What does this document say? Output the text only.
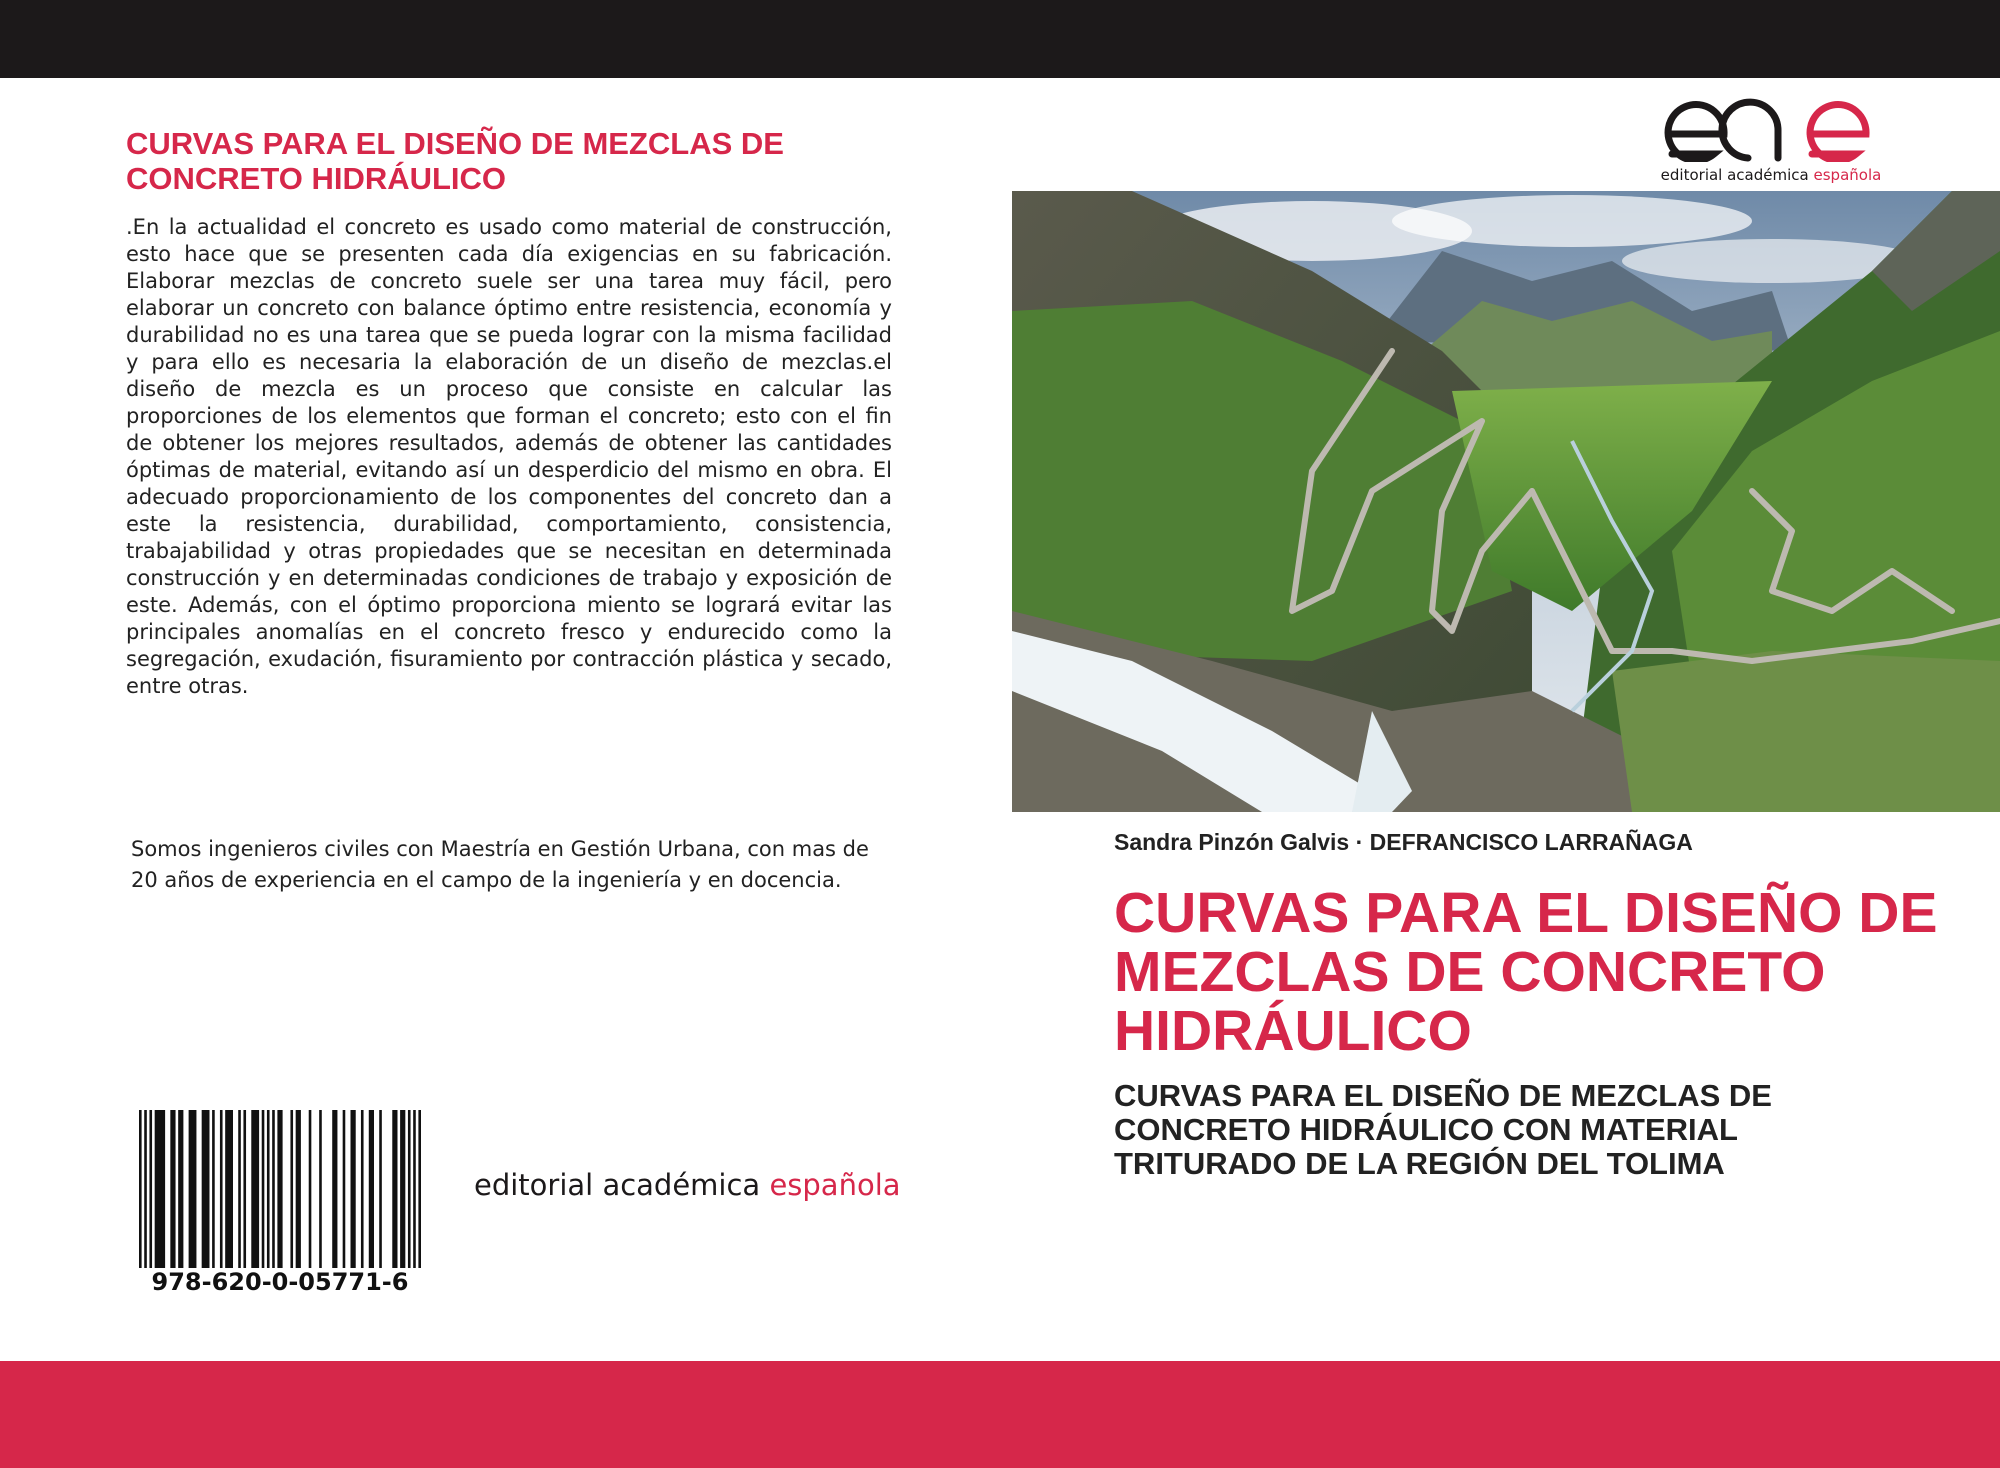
CURVAS PARA EL DISEÑO DE MEZCLAS DE CONCRETO HIDRÁULICO
.En la actualidad el concreto es usado como material de construcción, esto hace que se presenten cada día exigencias en su fabricación. Elaborar mezclas de concreto suele ser una tarea muy fácil, pero elaborar un concreto con balance óptimo entre resistencia, economía y durabilidad no es una tarea que se pueda lograr con la misma facilidad y para ello es necesaria la elaboración de un diseño de mezclas.el diseño de mezcla es un proceso que consiste en calcular las proporciones de los elementos que forman el concreto; esto con el fin de obtener los mejores resultados, además de obtener las cantidades óptimas de material, evitando así un desperdicio del mismo en obra. El adecuado proporcionamiento de los componentes del concreto dan a este la resistencia, durabilidad, comportamiento, consistencia, trabajabilidad y otras propiedades que se necesitan en determinada construcción y en determinadas condiciones de trabajo y exposición de este. Además, con el óptimo proporciona miento se logrará evitar las principales anomalías en el concreto fresco y endurecido como la segregación, exudación, fisuramiento por contracción plástica y secado, entre otras.
Somos ingenieros civiles con Maestría en Gestión Urbana, con mas de 20 años de experiencia en el campo de la ingeniería y en docencia.
978-620-0-05771-6
editorial académica española
editorial académica española
Sandra Pinzón Galvis · DEFRANCISCO LARRAÑAGA
CURVAS PARA EL DISEÑO DE MEZCLAS DE CONCRETO HIDRÁULICO
CURVAS PARA EL DISEÑO DE MEZCLAS DE CONCRETO HIDRÁULICO CON MATERIAL TRITURADO DE LA REGIÓN DEL TOLIMA
